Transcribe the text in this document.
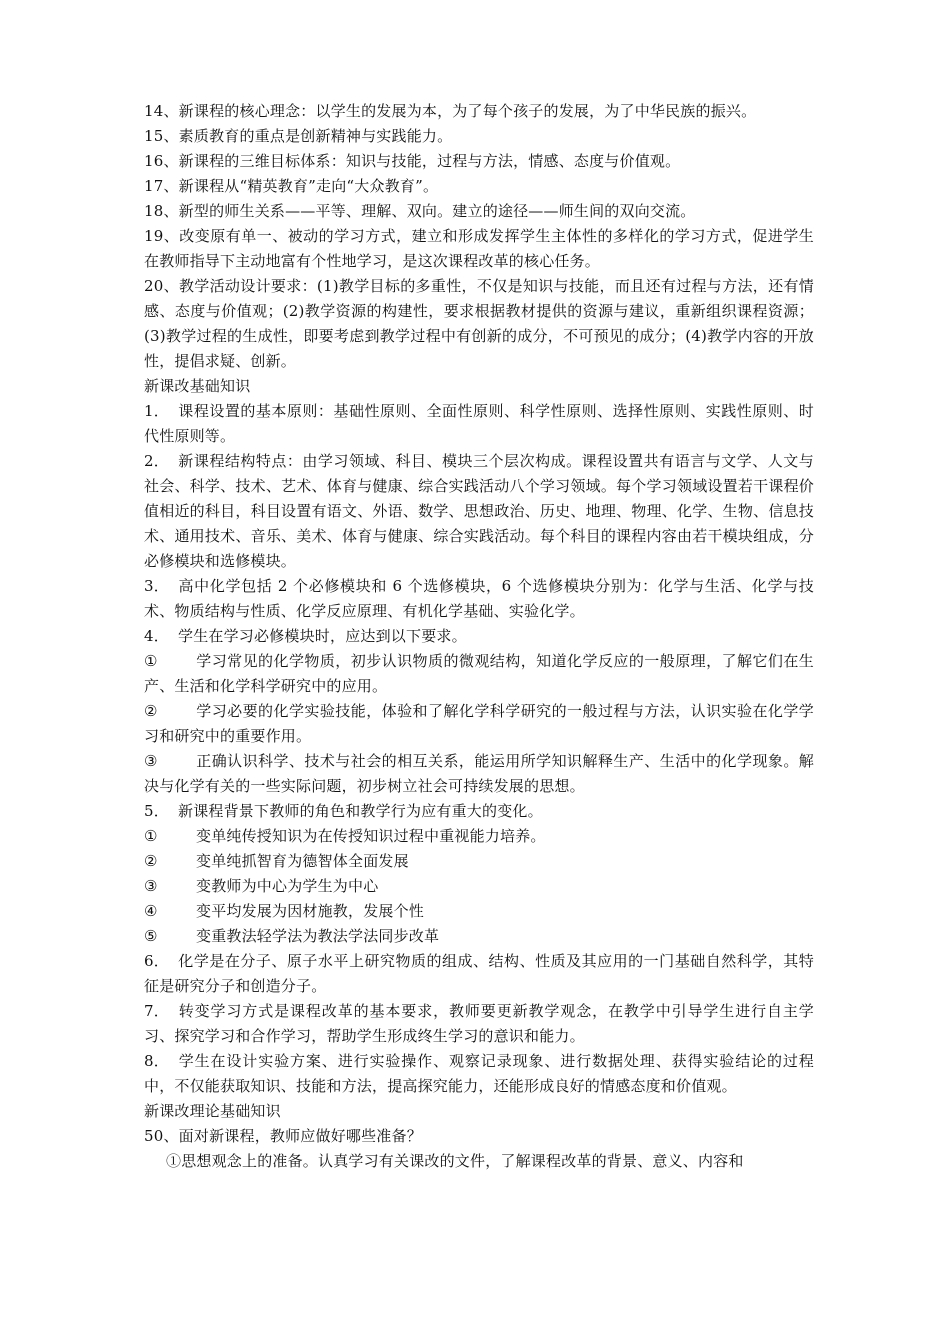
14、新课程的核心理念：以学生的发展为本，为了每个孩子的发展，为了中华民族的振兴。

15、素质教育的重点是创新精神与实践能力。

16、新课程的三维目标体系：知识与技能，过程与方法，情感、态度与价值观。

17、新课程从“精英教育”走向“大众教育”。

18、新型的师生关系——平等、理解、双向。建立的途径——师生间的双向交流。

19、改变原有单一、被动的学习方式，建立和形成发挥学生主体性的多样化的学习方式，促进学生在教师指导下主动地富有个性地学习，是这次课程改革的核心任务。

20、教学活动设计要求：(1)教学目标的多重性，不仅是知识与技能，而且还有过程与方法，还有情感、态度与价值观；(2)教学资源的构建性，要求根据教材提供的资源与建议，重新组织课程资源；(3)教学过程的生成性，即要考虑到教学过程中有创新的成分，不可预见的成分；(4)教学内容的开放性，提倡求疑、创新。

新课改基础知识

1． 课程设置的基本原则：基础性原则、全面性原则、科学性原则、选择性原则、实践性原则、时代性原则等。

2． 新课程结构特点：由学习领域、科目、模块三个层次构成。课程设置共有语言与文学、人文与社会、科学、技术、艺术、体育与健康、综合实践活动八个学习领域。每个学习领域设置若干课程价值相近的科目，科目设置有语文、外语、数学、思想政治、历史、地理、物理、化学、生物、信息技术、通用技术、音乐、美术、体育与健康、综合实践活动。每个科目的课程内容由若干模块组成，分必修模块和选修模块。

3． 高中化学包括 2 个必修模块和 6 个选修模块，6 个选修模块分别为：化学与生活、化学与技术、物质结构与性质、化学反应原理、有机化学基础、实验化学。

4． 学生在学习必修模块时，应达到以下要求。

①	学习常见的化学物质，初步认识物质的微观结构，知道化学反应的一般原理，了解它们在生产、生活和化学科学研究中的应用。

②	学习必要的化学实验技能，体验和了解化学科学研究的一般过程与方法，认识实验在化学学习和研究中的重要作用。

③	正确认识科学、技术与社会的相互关系，能运用所学知识解释生产、生活中的化学现象。解决与化学有关的一些实际问题，初步树立社会可持续发展的思想。

5． 新课程背景下教师的角色和教学行为应有重大的变化。

①	变单纯传授知识为在传授知识过程中重视能力培养。

②	变单纯抓智育为德智体全面发展

③	变教师为中心为学生为中心

④	变平均发展为因材施教，发展个性

⑤	变重教法轻学法为教法学法同步改革

6． 化学是在分子、原子水平上研究物质的组成、结构、性质及其应用的一门基础自然科学，其特征是研究分子和创造分子。

7． 转变学习方式是课程改革的基本要求，教师要更新教学观念，在教学中引导学生进行自主学习、探究学习和合作学习，帮助学生形成终生学习的意识和能力。

8． 学生在设计实验方案、进行实验操作、观察记录现象、进行数据处理、获得实验结论的过程中，不仅能获取知识、技能和方法，提高探究能力，还能形成良好的情感态度和价值观。

新课改理论基础知识

50、面对新课程，教师应做好哪些准备？

①思想观念上的准备。认真学习有关课改的文件，了解课程改革的背景、意义、内容和
